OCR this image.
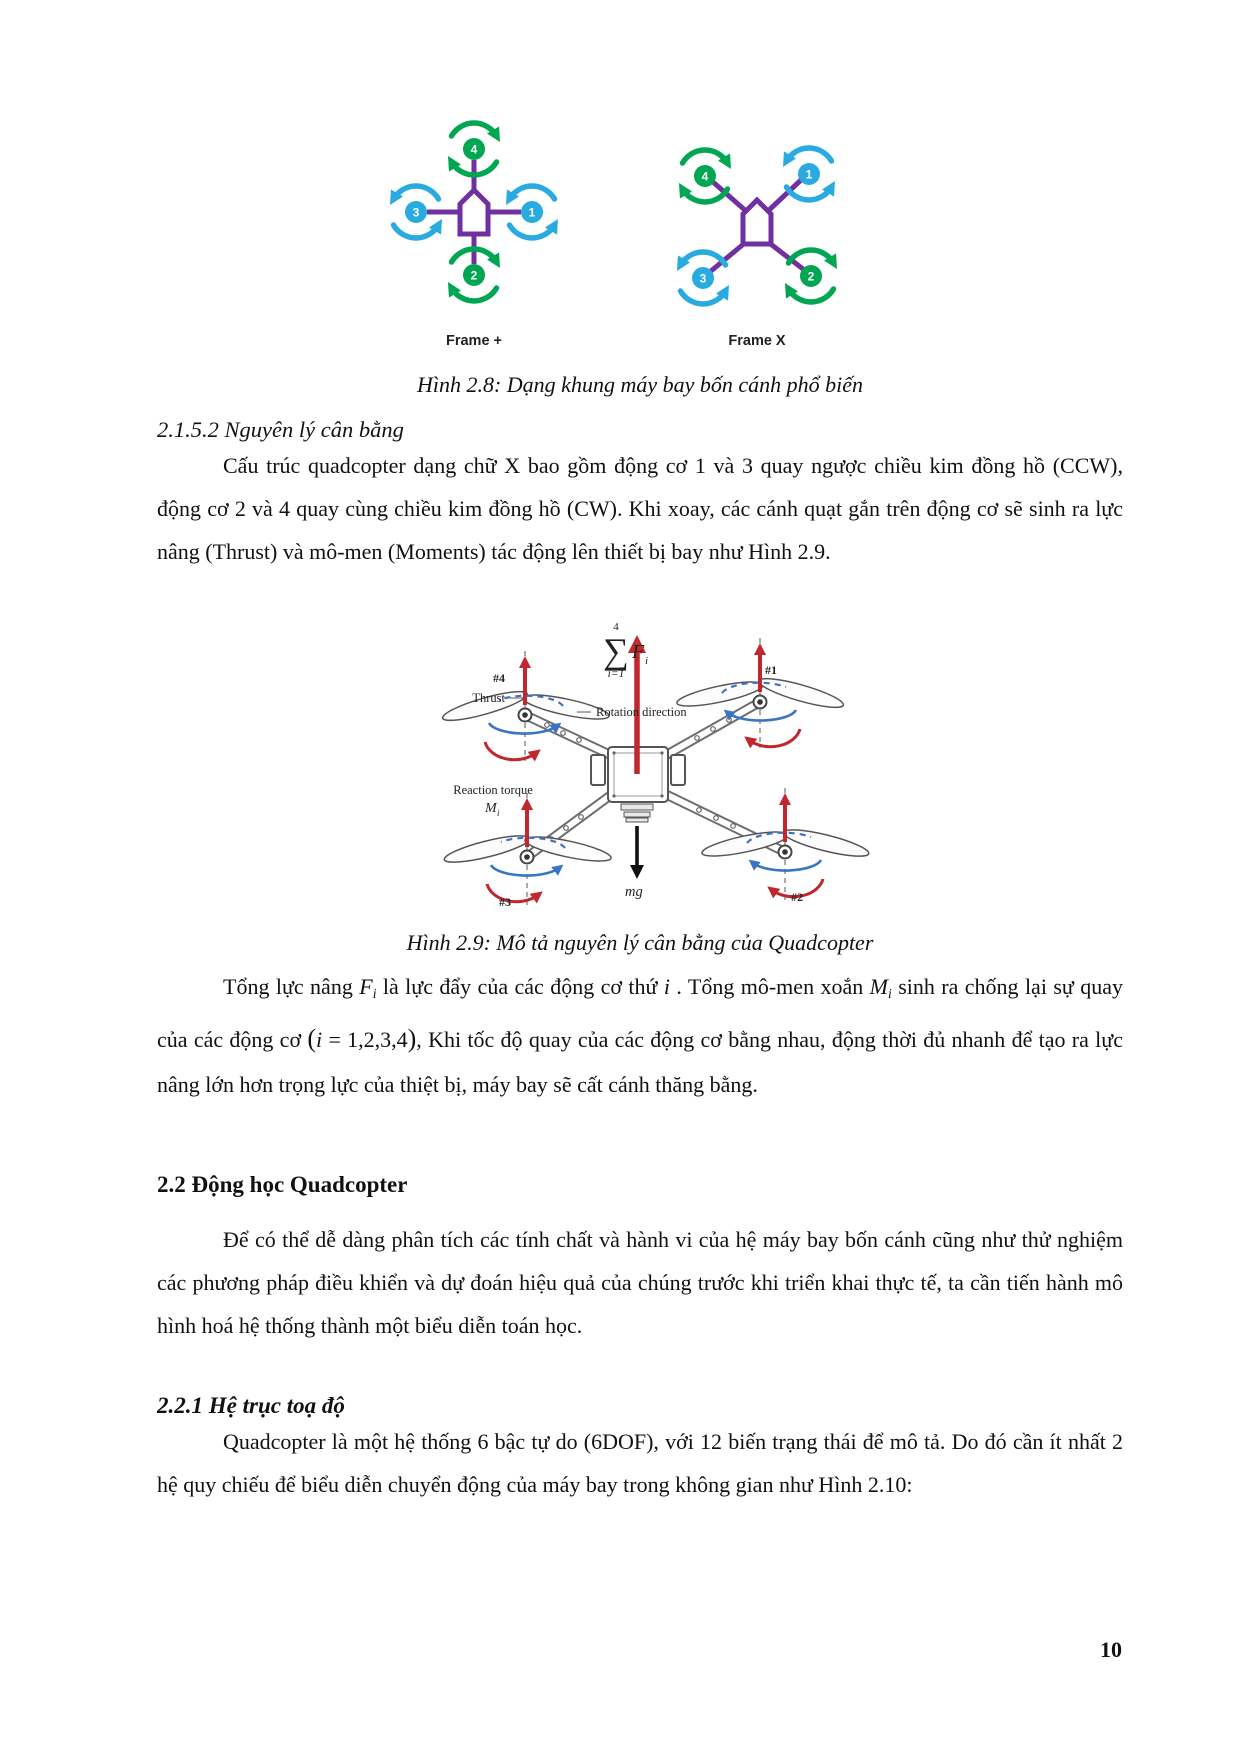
4
3	1
2
Frame +
4	1
3	2
Frame X
Hình 2.8: Dạng khung máy bay bốn cánh phổ biến
2.1.5.2 Nguyên lý cân bằng
Cấu trúc quadcopter dạng chữ X bao gồm động cơ 1 và 3 quay ngược chiều kim đồng hồ (CCW), động cơ 2 và 4 quay cùng chiều kim đồng hồ (CW). Khi xoay, các cánh quạt gắn trên động cơ sẽ sinh ra lực nâng (Thrust) và mô-men (Moments) tác động lên thiết bị bay như Hình 2.9.
4
∑
i=1
F i
mg
#4
#1
#3	#2
Thrust
Rotation direction
Reaction torque
M i
Hình 2.9: Mô tả nguyên lý cân bằng của Quadcopter
Tổng lực nâng Fi là lực đẩy của các động cơ thứ i . Tổng mô-men xoắn Mi sinh ra chống lại sự quay của các động cơ (i = 1,2,3,4), Khi tốc độ quay của các động cơ bằng nhau, động thời đủ nhanh để tạo ra lực nâng lớn hơn trọng lực của thiệt bị, máy bay sẽ cất cánh thăng bằng.
2.2 Động học Quadcopter
Để có thể dễ dàng phân tích các tính chất và hành vi của hệ máy bay bốn cánh cũng như thử nghiệm các phương pháp điều khiển và dự đoán hiệu quả của chúng trước khi triển khai thực tế, ta cần tiến hành mô hình hoá hệ thống thành một biểu diễn toán học.
2.2.1 Hệ trục toạ độ
Quadcopter là một hệ thống 6 bậc tự do (6DOF), với 12 biến trạng thái để mô tả. Do đó cần ít nhất 2 hệ quy chiếu để biểu diễn chuyển động của máy bay trong không gian như Hình 2.10:
10
